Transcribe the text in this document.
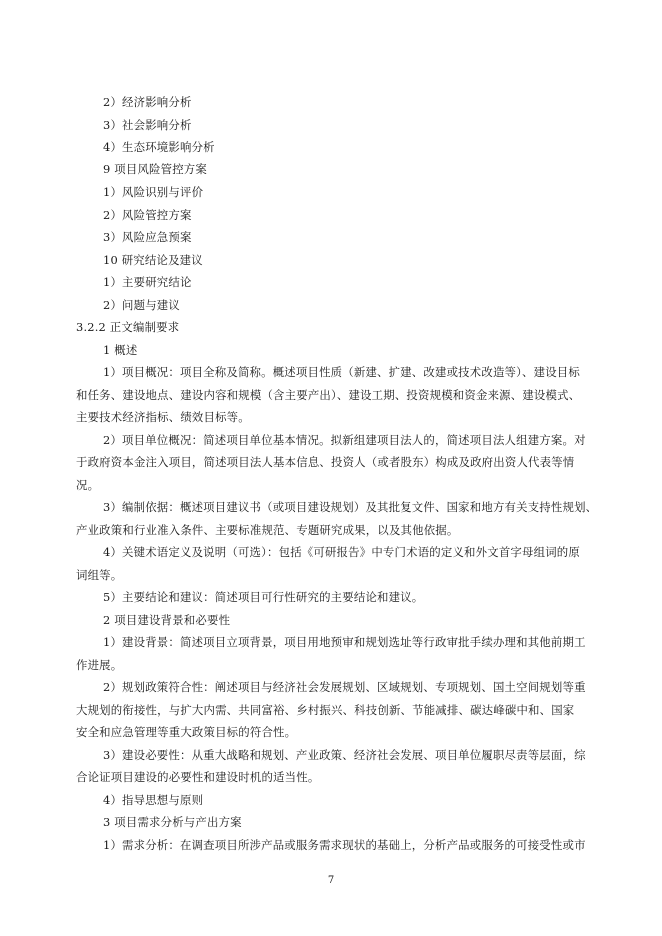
2）经济影响分析
3）社会影响分析
4）生态环境影响分析
9 项目风险管控方案
1）风险识别与评价
2）风险管控方案
3）风险应急预案
10 研究结论及建议
1）主要研究结论
2）问题与建议
3.2.2 正文编制要求
1 概述
1）项目概况：项目全称及简称。概述项目性质（新建、扩建、改建或技术改造等）、建设目标
和任务、建设地点、建设内容和规模（含主要产出）、建设工期、投资规模和资金来源、建设模式、
主要技术经济指标、绩效目标等。
2）项目单位概况：简述项目单位基本情况。拟新组建项目法人的，简述项目法人组建方案。对
于政府资本金注入项目，简述项目法人基本信息、投资人（或者股东）构成及政府出资人代表等情
况。
3）编制依据：概述项目建议书（或项目建设规划）及其批复文件、国家和地方有关支持性规划、
产业政策和行业准入条件、主要标准规范、专题研究成果，以及其他依据。
4）关键术语定义及说明（可选）：包括《可研报告》中专门术语的定义和外文首字母组词的原
词组等。
5）主要结论和建议：简述项目可行性研究的主要结论和建议。
2 项目建设背景和必要性
1）建设背景：简述项目立项背景，项目用地预审和规划选址等行政审批手续办理和其他前期工
作进展。
2）规划政策符合性：阐述项目与经济社会发展规划、区域规划、专项规划、国土空间规划等重
大规划的衔接性，与扩大内需、共同富裕、乡村振兴、科技创新、节能减排、碳达峰碳中和、国家
安全和应急管理等重大政策目标的符合性。
3）建设必要性：从重大战略和规划、产业政策、经济社会发展、项目单位履职尽责等层面，综
合论证项目建设的必要性和建设时机的适当性。
4）指导思想与原则
3 项目需求分析与产出方案
1）需求分析：在调查项目所涉产品或服务需求现状的基础上，分析产品或服务的可接受性或市
7
